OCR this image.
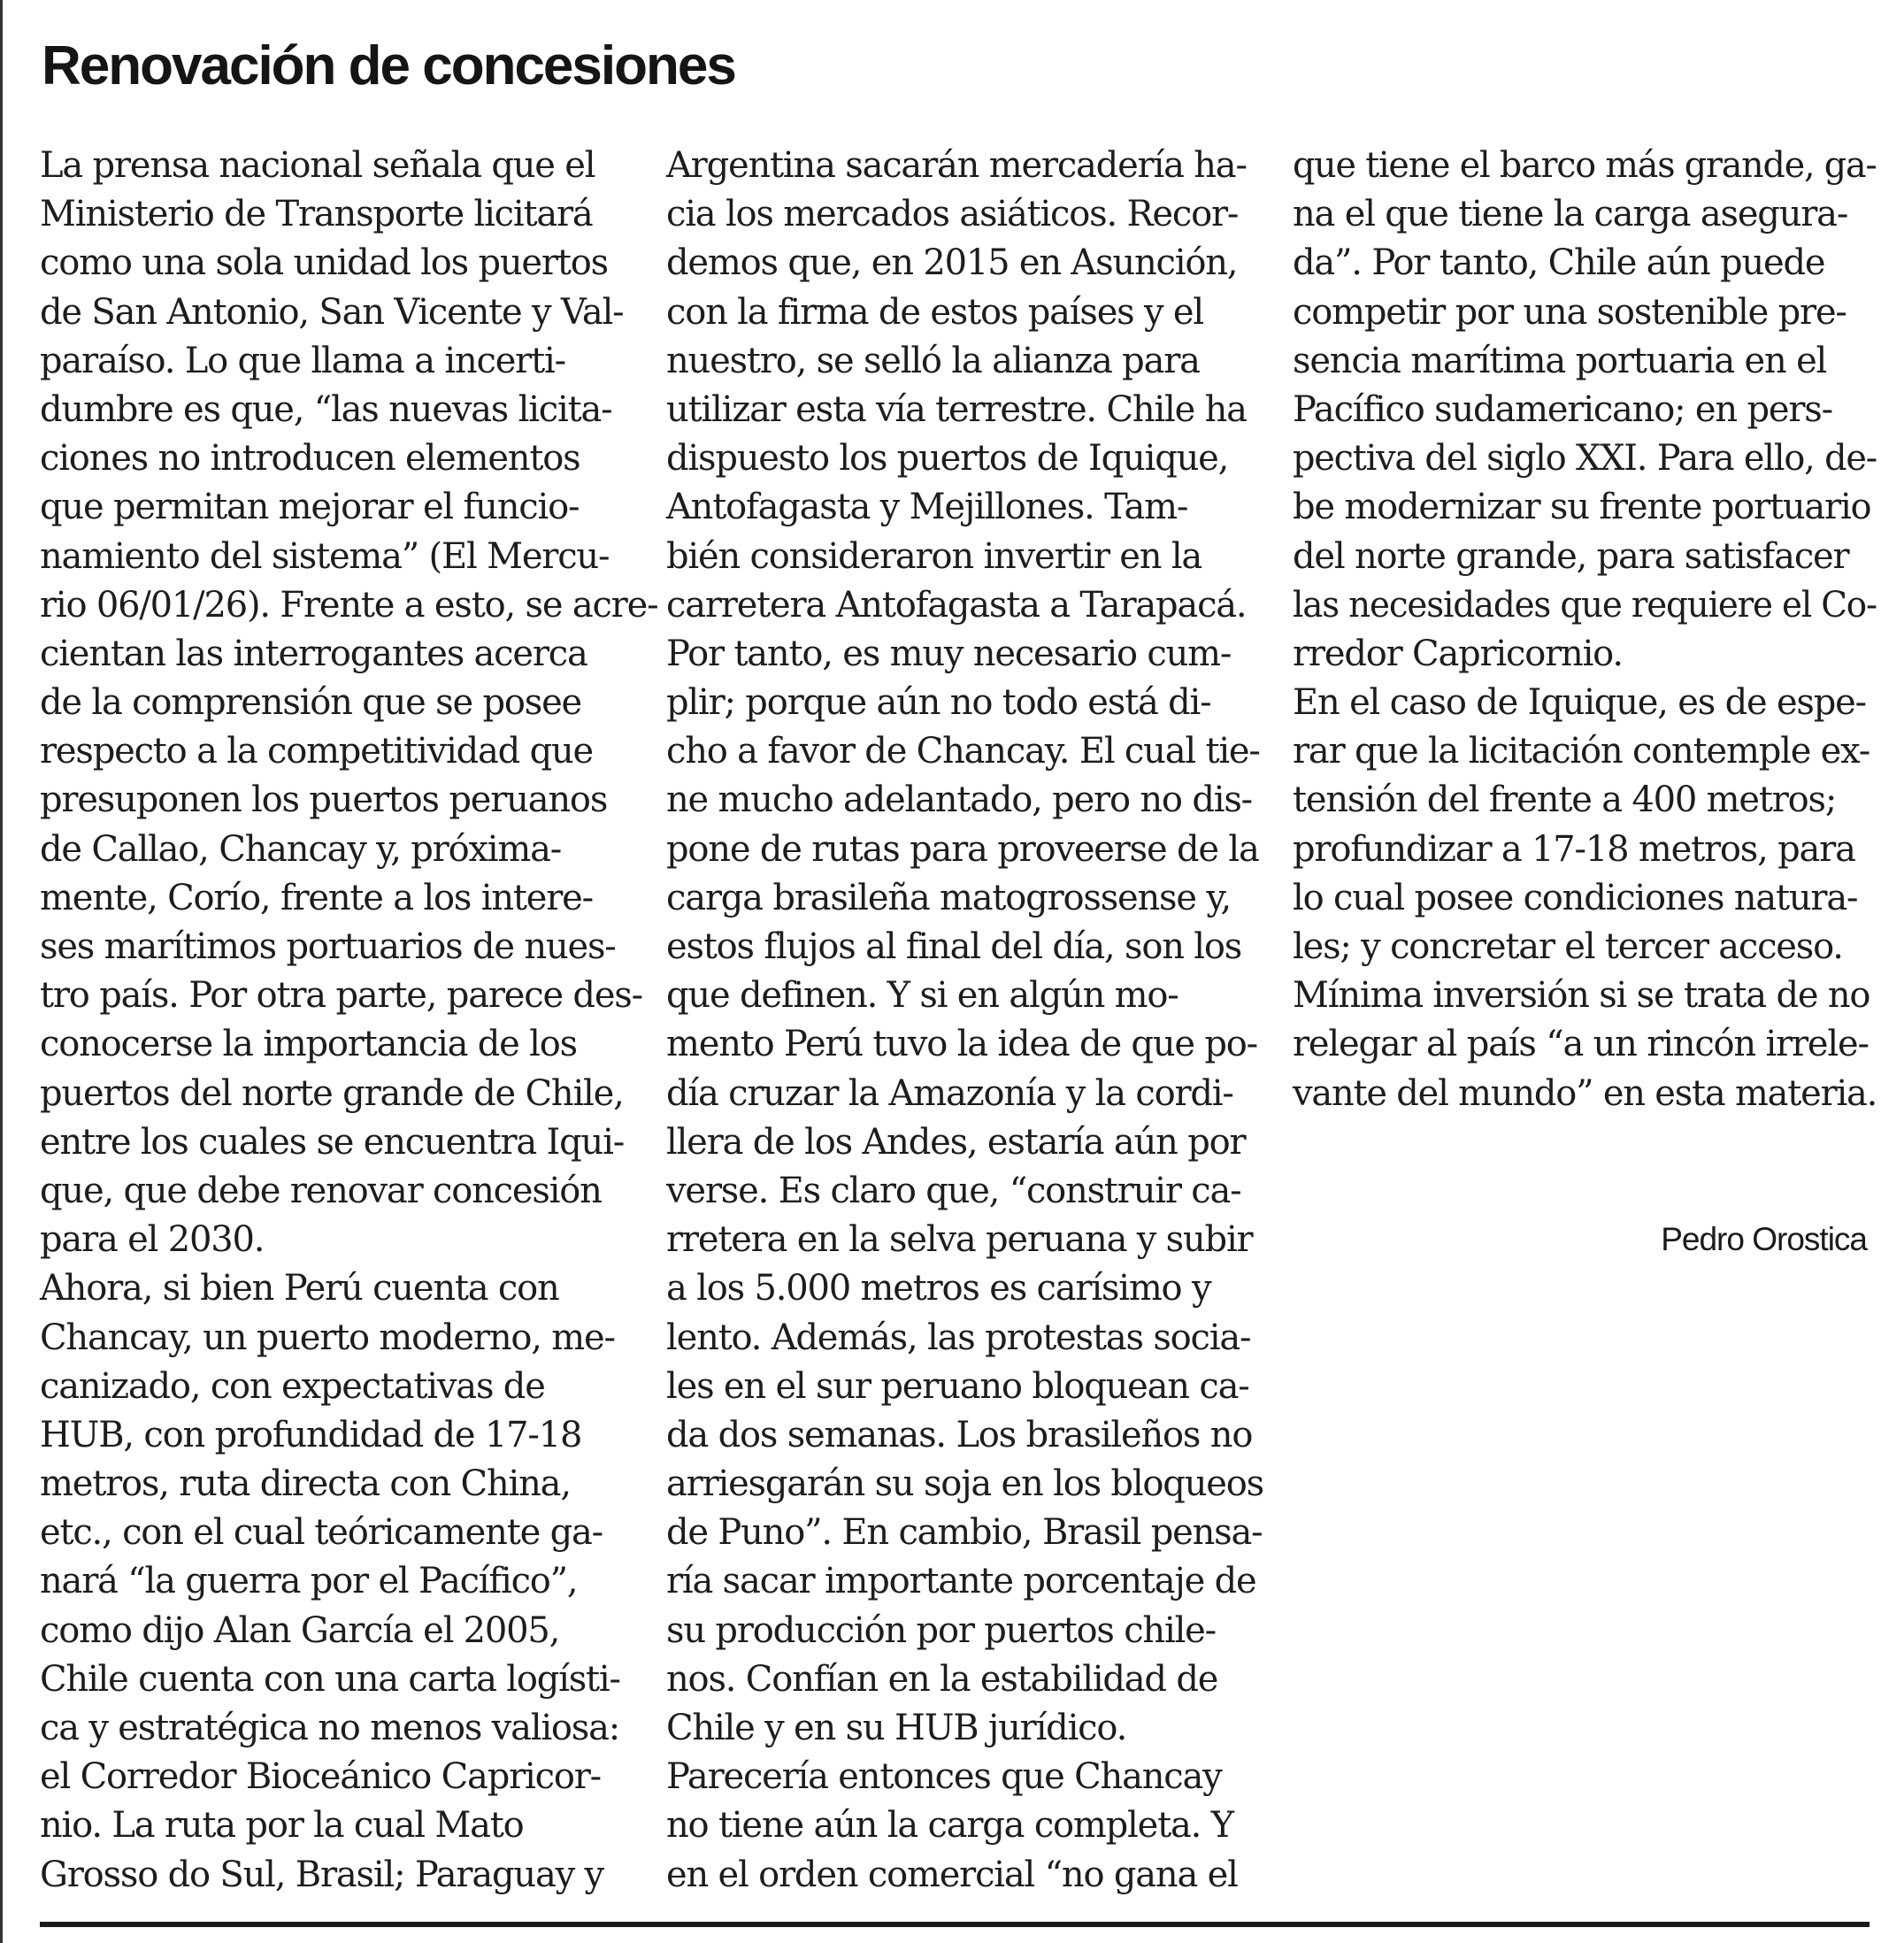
Renovación de concesiones
La prensa nacional señala que el
Ministerio de Transporte licitará
como una sola unidad los puertos
de San Antonio, San Vicente y Val-
paraíso. Lo que llama a incerti-
dumbre es que, “las nuevas licita-
ciones no introducen elementos
que permitan mejorar el funcio-
namiento del sistema” (El Mercu-
rio 06/01/26). Frente a esto, se acre-
cientan las interrogantes acerca
de la comprensión que se posee
respecto a la competitividad que
presuponen los puertos peruanos
de Callao, Chancay y, próxima-
mente, Corío, frente a los intere-
ses marítimos portuarios de nues-
tro país. Por otra parte, parece des-
conocerse la importancia de los
puertos del norte grande de Chile,
entre los cuales se encuentra Iqui-
que, que debe renovar concesión
para el 2030.
Ahora, si bien Perú cuenta con
Chancay, un puerto moderno, me-
canizado, con expectativas de
HUB, con profundidad de 17-18
metros, ruta directa con China,
etc., con el cual teóricamente ga-
nará “la guerra por el Pacífico”,
como dijo Alan García el 2005,
Chile cuenta con una carta logísti-
ca y estratégica no menos valiosa:
el Corredor Bioceánico Capricor-
nio. La ruta por la cual Mato
Grosso do Sul, Brasil; Paraguay y
Argentina sacarán mercadería ha-
cia los mercados asiáticos. Recor-
demos que, en 2015 en Asunción,
con la firma de estos países y el
nuestro, se selló la alianza para
utilizar esta vía terrestre. Chile ha
dispuesto los puertos de Iquique,
Antofagasta y Mejillones. Tam-
bién consideraron invertir en la
carretera Antofagasta a Tarapacá.
Por tanto, es muy necesario cum-
plir; porque aún no todo está di-
cho a favor de Chancay. El cual tie-
ne mucho adelantado, pero no dis-
pone de rutas para proveerse de la
carga brasileña matogrossense y,
estos flujos al final del día, son los
que definen. Y si en algún mo-
mento Perú tuvo la idea de que po-
día cruzar la Amazonía y la cordi-
llera de los Andes, estaría aún por
verse. Es claro que, “construir ca-
rretera en la selva peruana y subir
a los 5.000 metros es carísimo y
lento. Además, las protestas socia-
les en el sur peruano bloquean ca-
da dos semanas. Los brasileños no
arriesgarán su soja en los bloqueos
de Puno”. En cambio, Brasil pensa-
ría sacar importante porcentaje de
su producción por puertos chile-
nos. Confían en la estabilidad de
Chile y en su HUB jurídico.
Parecería entonces que Chancay
no tiene aún la carga completa. Y
en el orden comercial “no gana el
que tiene el barco más grande, ga-
na el que tiene la carga asegura-
da”. Por tanto, Chile aún puede
competir por una sostenible pre-
sencia marítima portuaria en el
Pacífico sudamericano; en pers-
pectiva del siglo XXI. Para ello, de-
be modernizar su frente portuario
del norte grande, para satisfacer
las necesidades que requiere el Co-
rredor Capricornio.
En el caso de Iquique, es de espe-
rar que la licitación contemple ex-
tensión del frente a 400 metros;
profundizar a 17-18 metros, para
lo cual posee condiciones natura-
les; y concretar el tercer acceso.
Mínima inversión si se trata de no
relegar al país “a un rincón irrele-
vante del mundo” en esta materia.
Pedro Orostica
